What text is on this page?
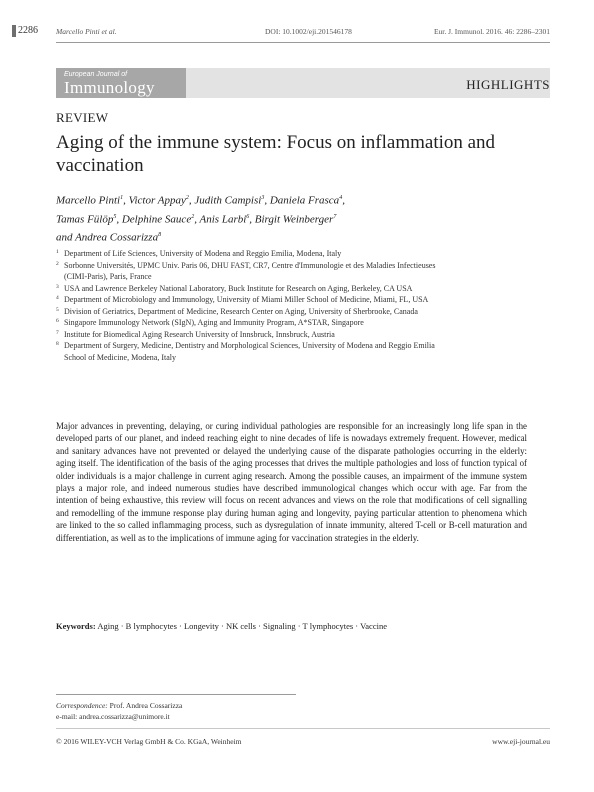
2286 Marcello Pinti et al.	DOI: 10.1002/eji.201546178	Eur. J. Immunol. 2016. 46: 2286–2301
European Journal of
Immunology	HIGHLIGHTS
REVIEW
Aging of the immune system: Focus on inflammation and vaccination
Marcello Pinti$^1$, Victor Appay$^2$, Judith Campisi$^3$, Daniela Frasca$^4$,
Tamas Fülöp$^5$, Delphine Sauce$^2$, Anis Larbi$^6$, Birgit Weinberger$^7$
and Andrea Cossarizza$^8$
1 Department of Life Sciences, University of Modena and Reggio Emilia, Modena, Italy
2 Sorbonne Universités, UPMC Univ. Paris 06, DHU FAST, CR7, Centre d'Immunologie et des Maladies Infectieuses (CIMI-Paris), Paris, France
3 USA and Lawrence Berkeley National Laboratory, Buck Institute for Research on Aging, Berkeley, CA USA
4 Department of Microbiology and Immunology, University of Miami Miller School of Medicine, Miami, FL, USA
5 Division of Geriatrics, Department of Medicine, Research Center on Aging, University of Sherbrooke, Canada
6 Singapore Immunology Network (SIgN), Aging and Immunity Program, A*STAR, Singapore
7 Institute for Biomedical Aging Research University of Innsbruck, Innsbruck, Austria
8 Department of Surgery, Medicine, Dentistry and Morphological Sciences, University of Modena and Reggio Emilia School of Medicine, Modena, Italy
Major advances in preventing, delaying, or curing individual pathologies are responsible for an increasingly long life span in the developed parts of our planet, and indeed reaching eight to nine decades of life is nowadays extremely frequent. However, medical and sanitary advances have not prevented or delayed the underlying cause of the disparate pathologies occurring in the elderly: aging itself. The identification of the basis of the aging processes that drives the multiple pathologies and loss of function typical of older individuals is a major challenge in current aging research. Among the possible causes, an impairment of the immune system plays a major role, and indeed numerous studies have described immunological changes which occur with age. Far from the intention of being exhaustive, this review will focus on recent advances and views on the role that modifications of cell signalling and remodelling of the immune response play during human aging and longevity, paying particular attention to phenomena which are linked to the so called inflammaging process, such as dysregulation of innate immunity, altered T-cell or B-cell maturation and differentiation, as well as to the implications of immune aging for vaccination strategies in the elderly.
Keywords: Aging · B lymphocytes · Longevity · NK cells · Signaling · T lymphocytes · Vaccine
Correspondence: Prof. Andrea Cossarizza
e-mail: andrea.cossarizza@unimore.it
© 2016 WILEY-VCH Verlag GmbH & Co. KGaA, Weinheim	www.eji-journal.eu
